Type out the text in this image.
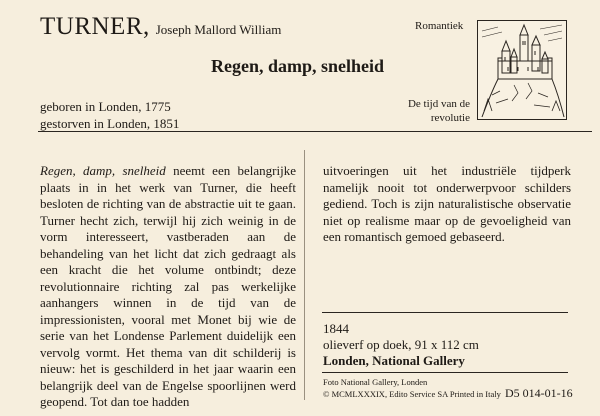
TURNER, Joseph Mallord William
Regen, damp, snelheid
geboren in Londen, 1775
gestorven in Londen, 1851
Romantiek
De tijd van de
revolutie
Regen, damp, snelheid neemt een belangrijke plaats in in het werk van Turner, die heeft besloten de richting van de abstractie uit te gaan. Turner hecht zich, terwijl hij zich weinig in de vorm interesseert, vastberaden aan de behandeling van het licht dat zich gedraagt als een kracht die het volume ontbindt; deze revolutionnaire richting zal pas werkelijke aanhangers winnen in de tijd van de impressionisten, vooral met Monet bij wie de serie van het Londense Parlement duidelijk een vervolg vormt. Het thema van dit schilderij is nieuw: het is geschilderd in het jaar waarin een belangrijk deel van de Engelse spoorlijnen werd geopend. Tot dan toe hadden
uitvoeringen uit het industriële tijdperk namelijk nooit tot onderwerpvoor schilders gediend. Toch is zijn naturalistische observatie niet op realisme maar op de gevoeligheid van een romantisch gemoed gebaseerd.
1844
olieverf op doek, 91 x 112 cm
Londen, National Gallery
Foto National Gallery, Londen
© MCMLXXXIX, Edito Service SA Printed in Italy D5 014-01-16
